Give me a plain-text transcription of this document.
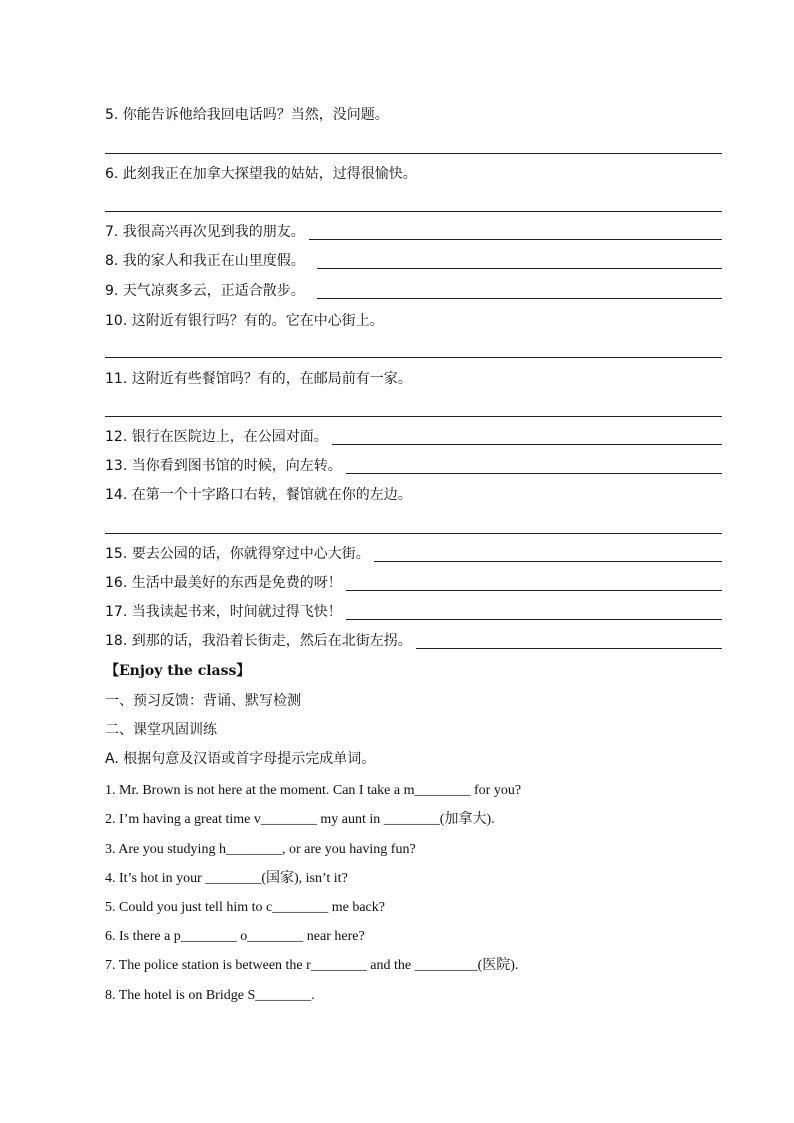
5. 你能告诉他给我回电话吗？当然，没问题。
6. 此刻我正在加拿大探望我的姑姑，过得很愉快。
7. 我很高兴再次见到我的朋友。
8. 我的家人和我正在山里度假。
9. 天气凉爽多云，正适合散步。
10. 这附近有银行吗？有的。它在中心街上。
11. 这附近有些餐馆吗？有的，在邮局前有一家。
12. 银行在医院边上，在公园对面。
13. 当你看到图书馆的时候，向左转。
14. 在第一个十字路口右转，餐馆就在你的左边。
15. 要去公园的话，你就得穿过中心大街。
16. 生活中最美好的东西是免费的呀！
17. 当我读起书来，时间就过得飞快！
18. 到那的话，我沿着长街走，然后在北街左拐。
【Enjoy the class】
一、预习反馈：背诵、默写检测
二、课堂巩固训练
A. 根据句意及汉语或首字母提示完成单词。
1. Mr. Brown is not here at the moment. Can I take a m________ for you?
2. I’m having a great time v________ my aunt in ________(加拿大).
3. Are you studying h________, or are you having fun?
4. It’s hot in your ________(国家), isn’t it?
5. Could you just tell him to c________ me back?
6. Is there a p________ o________ near here?
7. The police station is between the r________ and the _________(医院).
8. The hotel is on Bridge S________.
